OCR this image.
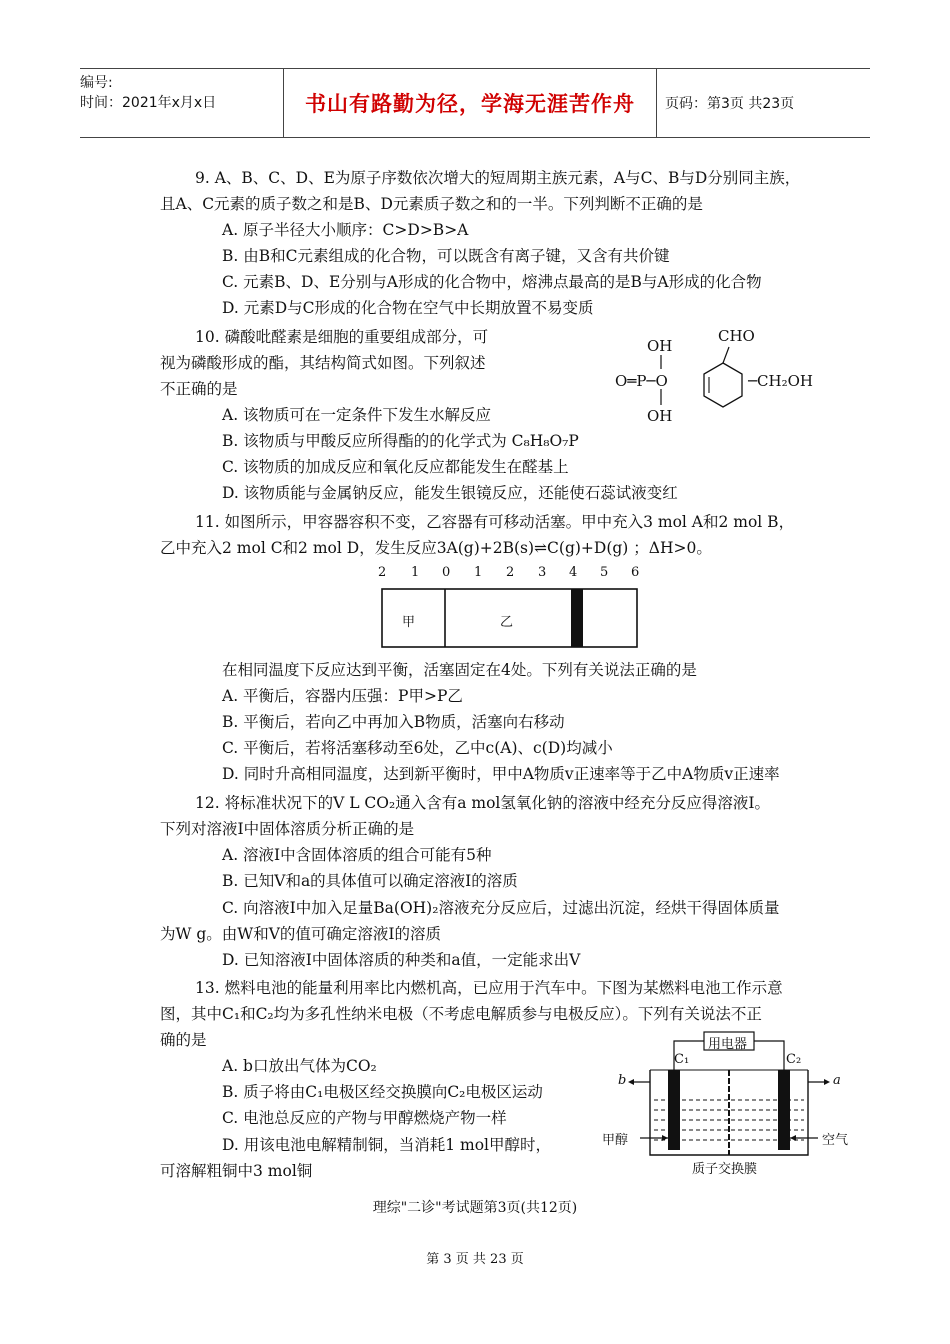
编号:
时间：2021年x月x日	书山有路勤为径，学海无涯苦作舟	页码：第3页 共23页
9. A、B、C、D、E为原子序数依次增大的短周期主族元素，A与C、B与D分别同主族，
且A、C元素的质子数之和是B、D元素质子数之和的一半。下列判断不正确的是
A. 原子半径大小顺序：C>D>B>A
B. 由B和C元素组成的化合物，可以既含有离子键，又含有共价键
C. 元素B、D、E分别与A形成的化合物中，熔沸点最高的是B与A形成的化合物
D. 元素D与C形成的化合物在空气中长期放置不易变质
10. 磷酸吡醛素是细胞的重要组成部分，可
视为磷酸形成的酯，其结构简式如图。下列叙述
不正确的是
A. 该物质可在一定条件下发生水解反应
B. 该物质与甲酸反应所得酯的的化学式为 C₈H₈O₇P
C. 该物质的加成反应和氧化反应都能发生在醛基上
D. 该物质能与金属钠反应，能发生银镜反应，还能使石蕊试液变红
OH
CHO
O═P─O	─CH₂OH
OH
11. 如图所示，甲容器容积不变，乙容器有可移动活塞。甲中充入3 mol A和2 mol B，
乙中充入2 mol C和2 mol D，发生反应3A(g)+2B(s)⇌C(g)+D(g) ；ΔH>0。
2 1 0 1 2 3 4 5 6
甲	乙
在相同温度下反应达到平衡，活塞固定在4处。下列有关说法正确的是
A. 平衡后，容器内压强：P甲>P乙
B. 平衡后，若向乙中再加入B物质，活塞向右移动
C. 平衡后，若将活塞移动至6处，乙中c(A)、c(D)均减小
D. 同时升高相同温度，达到新平衡时，甲中A物质v正速率等于乙中A物质v正速率
12. 将标准状况下的V L CO₂通入含有a mol氢氧化钠的溶液中经充分反应得溶液I。
下列对溶液I中固体溶质分析正确的是
A. 溶液I中含固体溶质的组合可能有5种
B. 已知V和a的具体值可以确定溶液I的溶质
C. 向溶液I中加入足量Ba(OH)₂溶液充分反应后，过滤出沉淀，经烘干得固体质量
为W g。由W和V的值可确定溶液I的溶质
D. 已知溶液I中固体溶质的种类和a值，一定能求出V
13. 燃料电池的能量利用率比内燃机高，已应用于汽车中。下图为某燃料电池工作示意
图，其中C₁和C₂均为多孔性纳米电极（不考虑电解质参与电极反应）。下列有关说法不正
确的是
A. b口放出气体为CO₂
B. 质子将由C₁电极区经交换膜向C₂电极区运动
C. 电池总反应的产物与甲醇燃烧产物一样
D. 用该电池电解精制铜，当消耗1 mol甲醇时，
可溶解粗铜中3 mol铜
用电器
C₁	C₂
b	a
甲醇	空气
质子交换膜
理综"二诊"考试题第3页(共12页)
第 3 页 共 23 页
